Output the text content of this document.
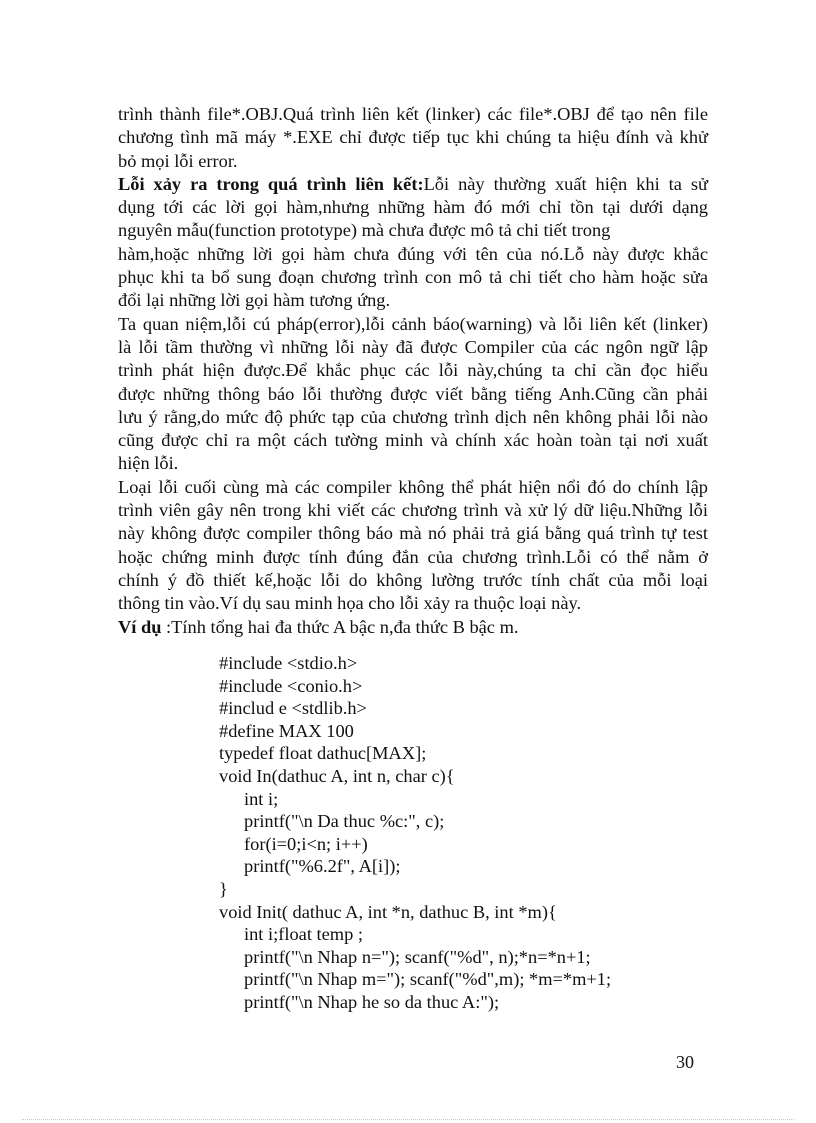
trình thành file*.OBJ.Quá trình liên kết (linker) các file*.OBJ để tạo nên file
chương tình mã máy *.EXE chỉ được tiếp tục khi chúng ta hiệu đính và khử
bỏ mọi lỗi error.
Lỗi xảy ra trong quá trình liên kết:Lỗi này thường xuất hiện khi ta sử
dụng tới các lời gọi hàm,nhưng những hàm đó mới chỉ tồn tại dưới dạng
nguyên mẫu(function prototype) mà chưa được mô tả chi tiết trong
hàm,hoặc những lời gọi hàm chưa đúng với tên của nó.Lỗ này được khắc
phục khi ta bổ sung đoạn chương trình con mô tả chi tiết cho hàm hoặc sửa
đổi lại những lời gọi hàm tương ứng.
Ta quan niệm,lỗi cú pháp(error),lỗi cảnh báo(warning) và lỗi liên kết (linker)
là lỗi tầm thường vì những lỗi này đã được Compiler của các ngôn ngữ lập
trình phát hiện được.Để khắc phục các lỗi này,chúng ta chỉ cần đọc hiểu
được những thông báo lỗi thường được viết bằng tiếng Anh.Cũng cần phải
lưu ý rằng,do mức độ phức tạp của chương trình dịch nên không phải lỗi nào
cũng được chỉ ra một cách tường minh và chính xác hoàn toàn tại nơi xuất
hiện lỗi.
Loại lỗi cuối cùng mà các compiler không thể phát hiện nổi đó do chính lập
trình viên gây nên trong khi viết các chương trình và xử lý dữ liệu.Những lỗi
này không được compiler thông báo mà nó phải trả giá bằng quá trình tự test
hoặc chứng minh được tính đúng đắn của chương trình.Lỗi có thể nằm ở
chính ý đồ thiết kế,hoặc lỗi do không lường trước tính chất của mỗi loại
thông tin vào.Ví dụ sau minh họa cho lỗi xảy ra thuộc loại này.
Ví dụ :Tính tổng hai đa thức A bậc n,đa thức B bậc m.
#include <stdio.h>
#include <conio.h>
#includ e <stdlib.h>
#define MAX 100
typedef float dathuc[MAX];
void In(dathuc A, int n, char c){
int i;
printf("\n Da thuc %c:", c);
for(i=0;i<n; i++)
printf("%6.2f", A[i]);
}
void Init( dathuc A, int *n, dathuc B, int *m){
int i;float temp ;
printf("\n Nhap n="); scanf("%d", n);*n=*n+1;
printf("\n Nhap m="); scanf("%d",m); *m=*m+1;
printf("\n Nhap he so da thuc A:");
30
